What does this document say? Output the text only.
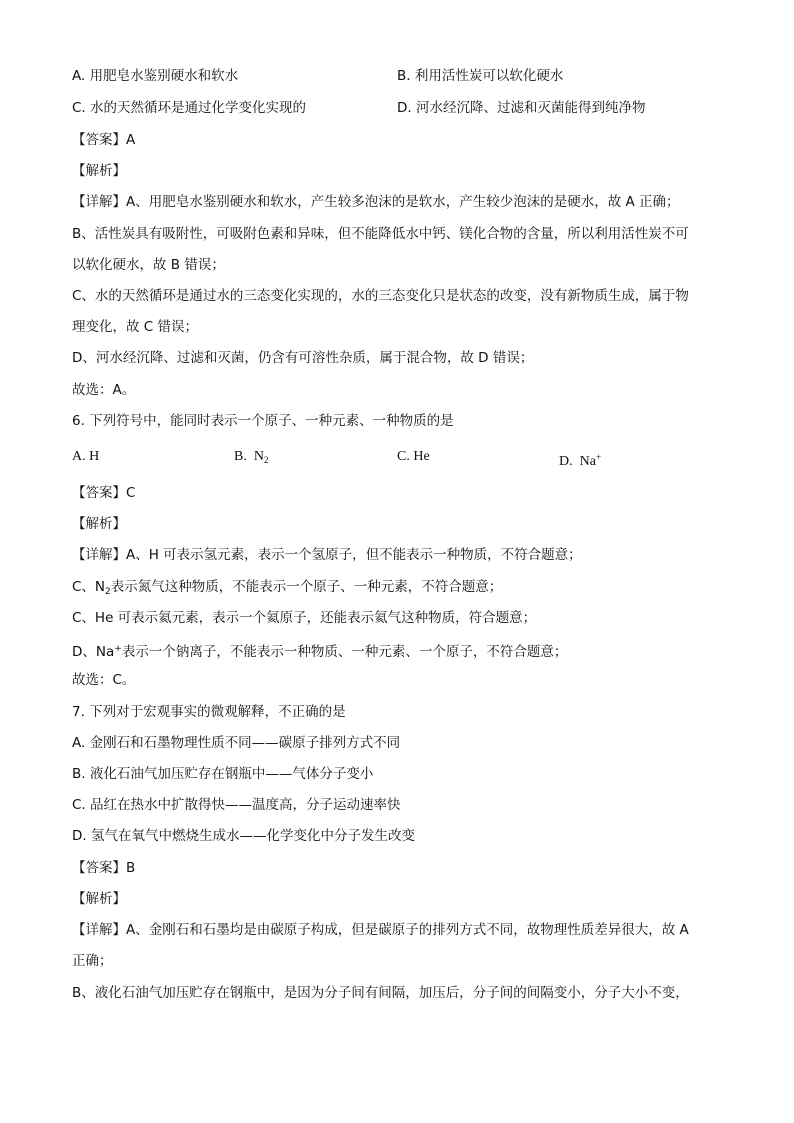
A. 用肥皂水鉴别硬水和软水	B. 利用活性炭可以软化硬水
C. 水的天然循环是通过化学变化实现的	D. 河水经沉降、过滤和灭菌能得到纯净物
【答案】A
【解析】
【详解】A、用肥皂水鉴别硬水和软水，产生较多泡沫的是软水，产生较少泡沫的是硬水，故 A 正确；
B、活性炭具有吸附性，可吸附色素和异味，但不能降低水中钙、镁化合物的含量，所以利用活性炭不可
以软化硬水，故 B 错误；
C、水的天然循环是通过水的三态变化实现的，水的三态变化只是状态的改变，没有新物质生成，属于物
理变化，故 C 错误；
D、河水经沉降、过滤和灭菌，仍含有可溶性杂质，属于混合物，故 D 错误；
故选：A。
6. 下列符号中，能同时表示一个原子、一种元素、一种物质的是
A. H	B. $N_2$	C. He	D. Na+
【答案】C
【解析】
【详解】A、H 可表示氢元素，表示一个氢原子，但不能表示一种物质，不符合题意；
C、$N_2$表示氮气这种物质，不能表示一个原子、一种元素，不符合题意；
C、He 可表示氦元素，表示一个氦原子，还能表示氦气这种物质，符合题意；
D、Na+表示一个钠离子，不能表示一种物质、一种元素、一个原子，不符合题意；
故选：C。
7. 下列对于宏观事实的微观解释，不正确的是
A. 金刚石和石墨物理性质不同——碳原子排列方式不同
B. 液化石油气加压贮存在钢瓶中——气体分子变小
C. 品红在热水中扩散得快——温度高，分子运动速率快
D. 氢气在氧气中燃烧生成水——化学变化中分子发生改变
【答案】B
【解析】
【详解】A、金刚石和石墨均是由碳原子构成，但是碳原子的排列方式不同，故物理性质差异很大，故 A
正确；
B、液化石油气加压贮存在钢瓶中，是因为分子间有间隔，加压后，分子间的间隔变小，分子大小不变，
